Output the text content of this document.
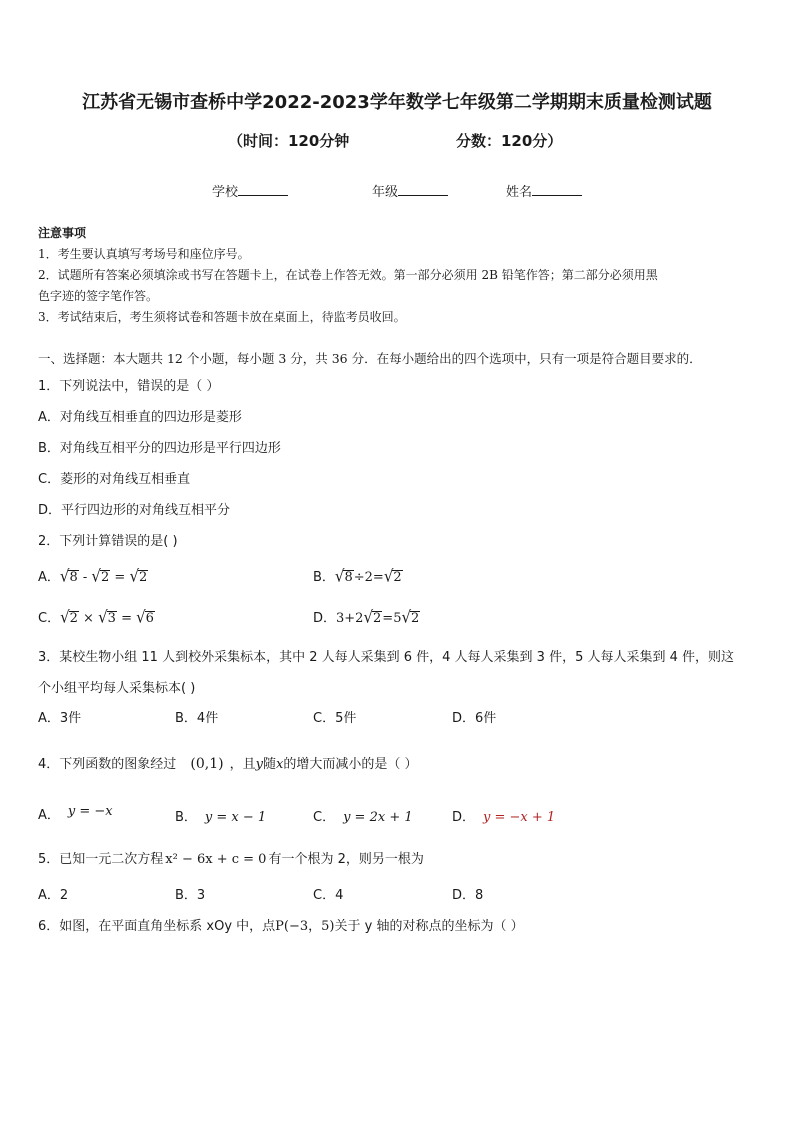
江苏省无锡市查桥中学2022-2023学年数学七年级第二学期期末质量检测试题
（时间：120分钟	分数：120分）
学校	年级	姓名
注意事项
1．考生要认真填写考场号和座位序号。
2．试题所有答案必须填涂或书写在答题卡上，在试卷上作答无效。第一部分必须用 2B 铅笔作答；第二部分必须用黑
色字迹的签字笔作答。
3．考试结束后，考生须将试卷和答题卡放在桌面上，待监考员收回。
一、选择题：本大题共 12 个小题，每小题 3 分，共 36 分．在每小题给出的四个选项中，只有一项是符合题目要求的．
1．下列说法中，错误的是（ ）
A．对角线互相垂直的四边形是菱形
B．对角线互相平分的四边形是平行四边形
C．菱形的对角线互相垂直
D．平行四边形的对角线互相平分
2．下列计算错误的是( )
A．√8 - √2 = √2	B．√8÷2=√2
C．√2 × √3 = √6	D．3+2√2=5√2
3．某校生物小组 11 人到校外采集标本，其中 2 人每人采集到 6 件，4 人每人采集到 3 件，5 人每人采集到 4 件，则这
个小组平均每人采集标本( )
A．3件	B．4件	C．5件	D．6件
4．下列函数的图象经过 (0,1) ，且y随x的增大而减小的是（ ）
A． y = −x	B． y = x − 1	C． y = 2x + 1	D． y = −x + 1
5．已知一元二次方程 x² − 6x + c = 0 有一个根为 2，则另一根为
A．2	B．3	C．4	D．8
6．如图，在平面直角坐标系 xOy 中，点P(−3，5)关于 y 轴的对称点的坐标为（ ）
